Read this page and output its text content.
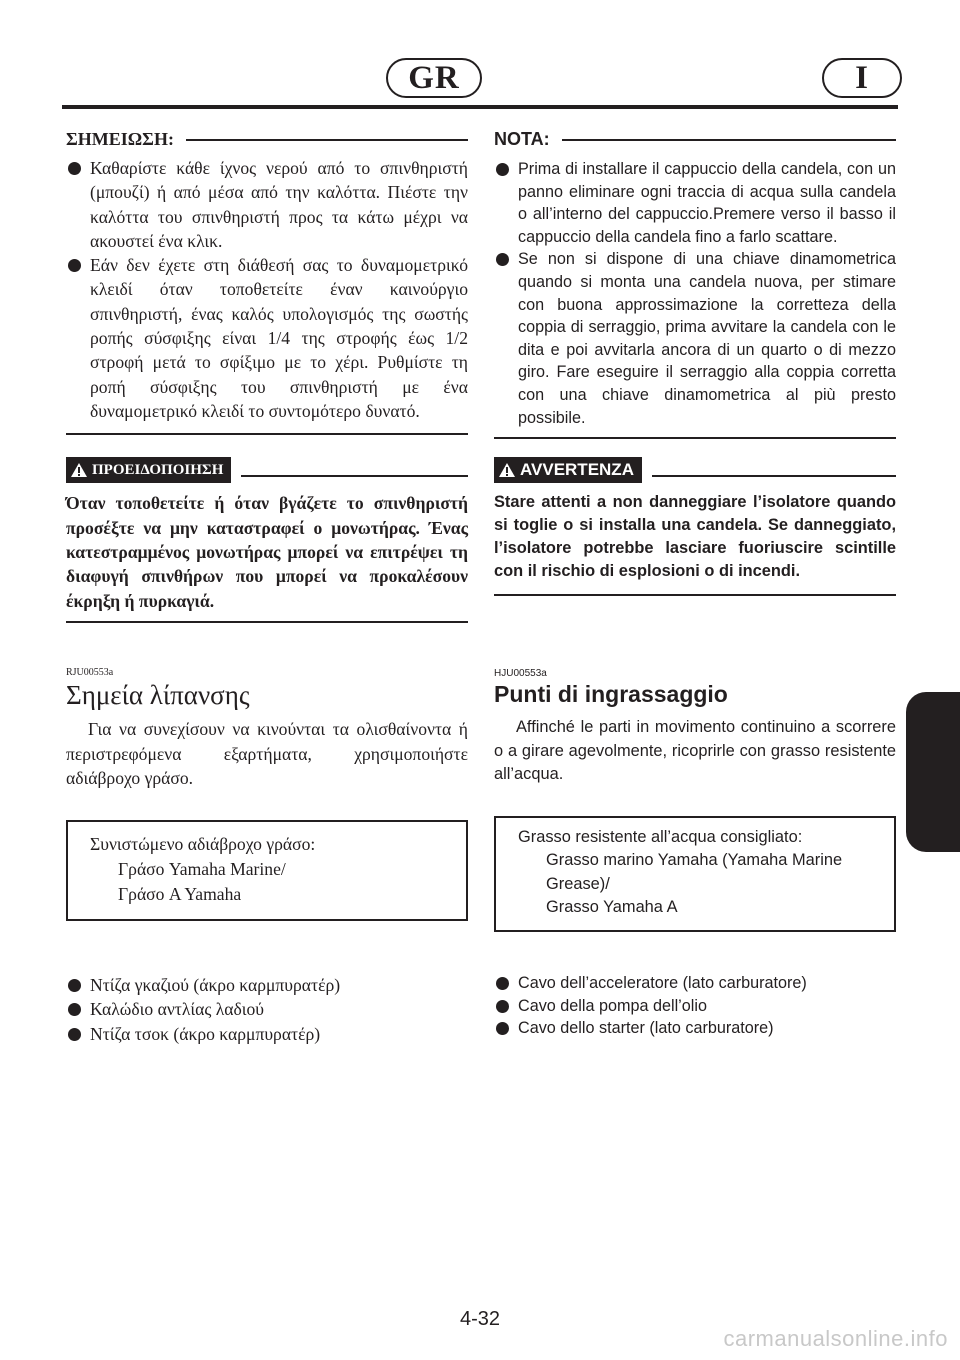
GR	I
ΣΗΜΕΙΩΣΗ:
Καθαρίστε κάθε ίχνος νερού από το σπινθηριστή (μπουζί) ή από μέσα από την καλόττα. Πιέστε την καλόττα του σπινθηριστή προς τα κάτω μέχρι να ακουστεί ένα κλικ.
Εάν δεν έχετε στη διάθεσή σας το δυναμομετρικό κλειδί όταν τοποθετείτε έναν καινούργιο σπινθηριστή, ένας καλός υπολογισμός της σωστής ροπής σύσφιξης είναι 1/4 της στροφής έως 1/2 στροφή μετά το σφίξιμο με το χέρι. Ρυθμίστε τη ροπή σύσφιξης του σπινθηριστή με ένα δυναμομετρικό κλειδί το συντομότερο δυνατό.
ΠΡΟΕΙΔΟΠΟΙΗΣΗ
Όταν τοποθετείτε ή όταν βγάζετε το σπινθηριστή προσέξτε να μην καταστραφεί ο μονωτήρας. Ένας κατεστραμμένος μονωτήρας μπορεί να επιτρέψει τη διαφυγή σπινθήρων που μπορεί να προκαλέσουν έκρηξη ή πυρκαγιά.
RJU00553a
Σημεία λίπανσης

Για να συνεχίσουν να κινούνται τα ολισθαίνοντα ή περιστρεφόμενα εξαρτήματα, χρησιμοποιήστε αδιάβροχο γράσο.

Συνιστώμενο αδιάβροχο γράσο:
Γράσο Yamaha Marine/
Γράσο A Yamaha
Ντίζα γκαζιού (άκρο καρμπυρατέρ)
Καλώδιο αντλίας λαδιού
Ντίζα τσοκ (άκρο καρμπυρατέρ)
NOTA:
Prima di installare il cappuccio della candela, con un panno eliminare ogni traccia di acqua sulla candela o all’interno del cappuccio.Premere verso il basso il cappuccio della candela fino a farlo scattare.
Se non si dispone di una chiave dinamometrica quando si monta una candela nuova, per stimare con buona approssimazione la corretteza della coppia di serraggio, prima avvitare la candela con le dita e poi avvitarla ancora di un quarto o di mezzo giro. Fare eseguire il serraggio alla coppia corretta con una chiave dinamometrica al più presto possibile.
AVVERTENZA
Stare attenti a non danneggiare l’isolatore quando si toglie o si installa una candela. Se danneggiato, l’isolatore potrebbe lasciare fuoriuscire scintille con il rischio di esplosioni o di incendi.
HJU00553a
Punti di ingrassaggio

Affinché le parti in movimento continuino a scorrere o a girare agevolmente, ricoprirle con grasso resistente all’acqua.

Grasso resistente all’acqua consigliato:
Grasso marino Yamaha (Yamaha Marine Grease)/
Grasso Yamaha A
Cavo dell’acceleratore (lato carburatore)
Cavo della pompa dell’olio
Cavo dello starter (lato carburatore)
4-32
carmanualsonline.info
